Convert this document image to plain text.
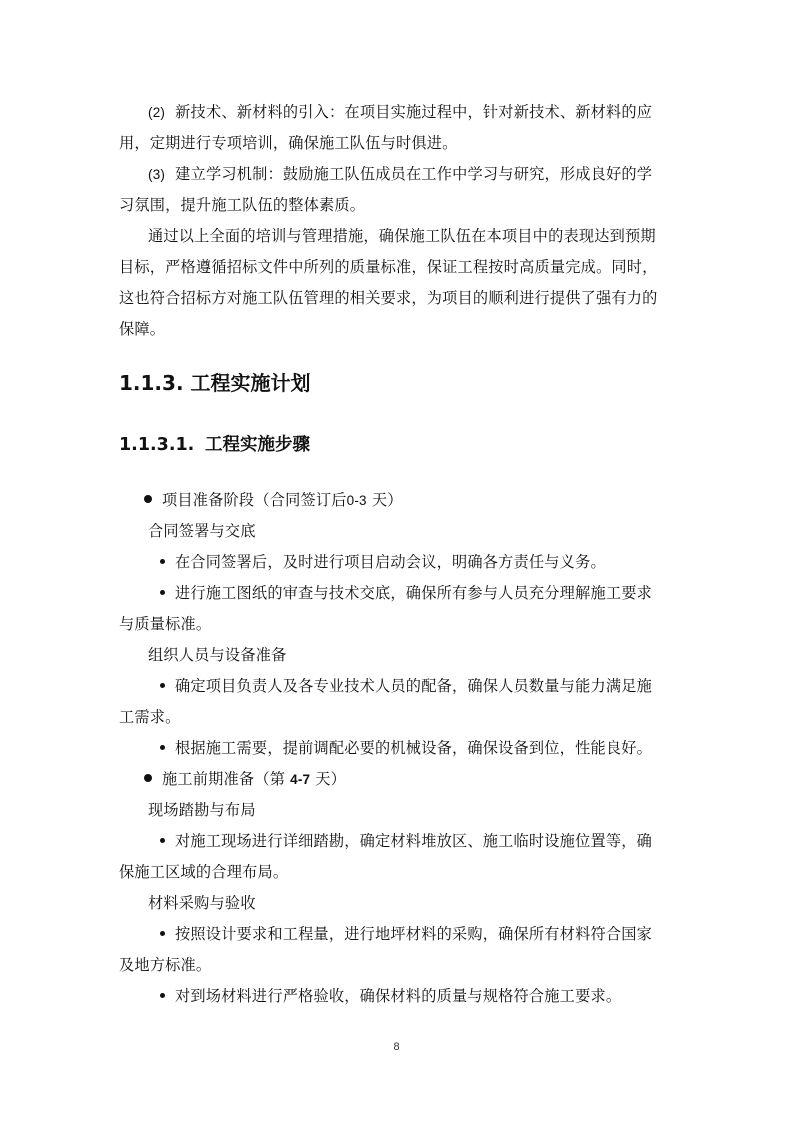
(2) 新技术、新材料的引入：在项目实施过程中，针对新技术、新材料的应
用，定期进行专项培训，确保施工队伍与时俱进。
(3) 建立学习机制：鼓励施工队伍成员在工作中学习与研究，形成良好的学
习氛围，提升施工队伍的整体素质。
通过以上全面的培训与管理措施，确保施工队伍在本项目中的表现达到预期
目标，严格遵循招标文件中所列的质量标准，保证工程按时高质量完成。同时，
这也符合招标方对施工队伍管理的相关要求，为项目的顺利进行提供了强有力的
保障。
1.1.3. 工程实施计划
1.1.3.1. 工程实施步骤
项目准备阶段（合同签订后0-3 天）
合同签署与交底
在合同签署后，及时进行项目启动会议，明确各方责任与义务。
进行施工图纸的审查与技术交底，确保所有参与人员充分理解施工要求
与质量标准。
组织人员与设备准备
确定项目负责人及各专业技术人员的配备，确保人员数量与能力满足施
工需求。
根据施工需要，提前调配必要的机械设备，确保设备到位，性能良好。
施工前期准备（第 4-7 天）
现场踏勘与布局
对施工现场进行详细踏勘，确定材料堆放区、施工临时设施位置等，确
保施工区域的合理布局。
材料采购与验收
按照设计要求和工程量，进行地坪材料的采购，确保所有材料符合国家
及地方标准。
对到场材料进行严格验收，确保材料的质量与规格符合施工要求。
8
